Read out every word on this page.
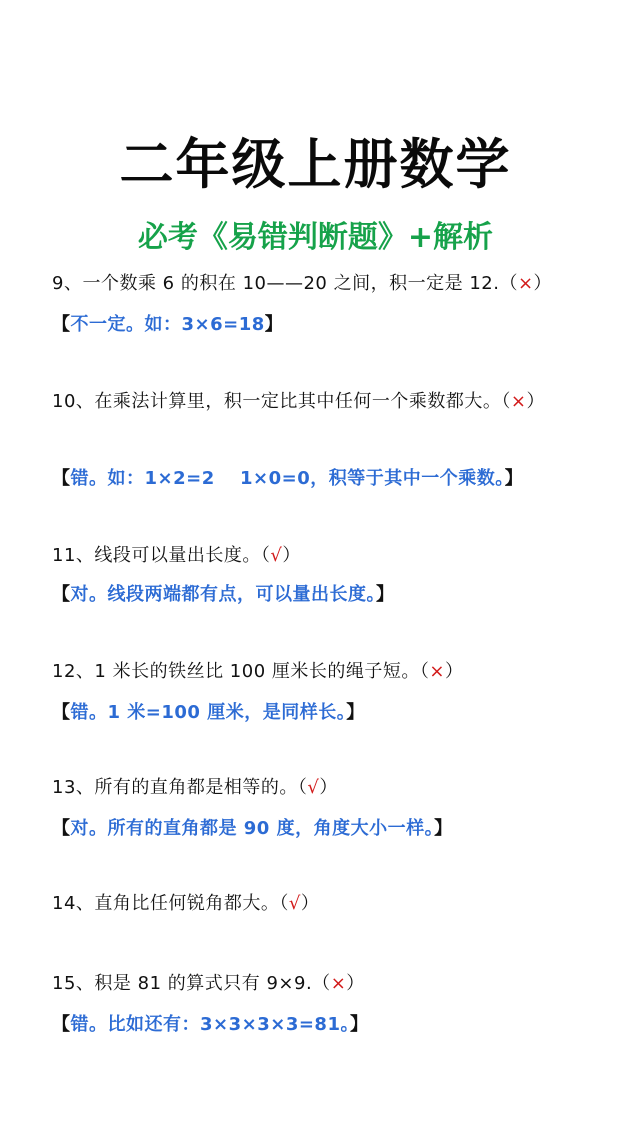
二年级上册数学
必考《易错判断题》+解析
9、一个数乘 6 的积在 10——20 之间，积一定是 12.（×）
【不一定。如：3×6=18】
10、在乘法计算里，积一定比其中任何一个乘数都大。（×）
【错。如：1×2=2　 1×0=0，积等于其中一个乘数。】
11、线段可以量出长度。（√）
【对。线段两端都有点，可以量出长度。】
12、1 米长的铁丝比 100 厘米长的绳子短。（×）
【错。1 米=100 厘米，是同样长。】
13、所有的直角都是相等的。（√）
【对。所有的直角都是 90 度，角度大小一样。】
14、直角比任何锐角都大。（√）
15、积是 81 的算式只有 9×9.（×）
【错。比如还有：3×3×3×3=81。】
